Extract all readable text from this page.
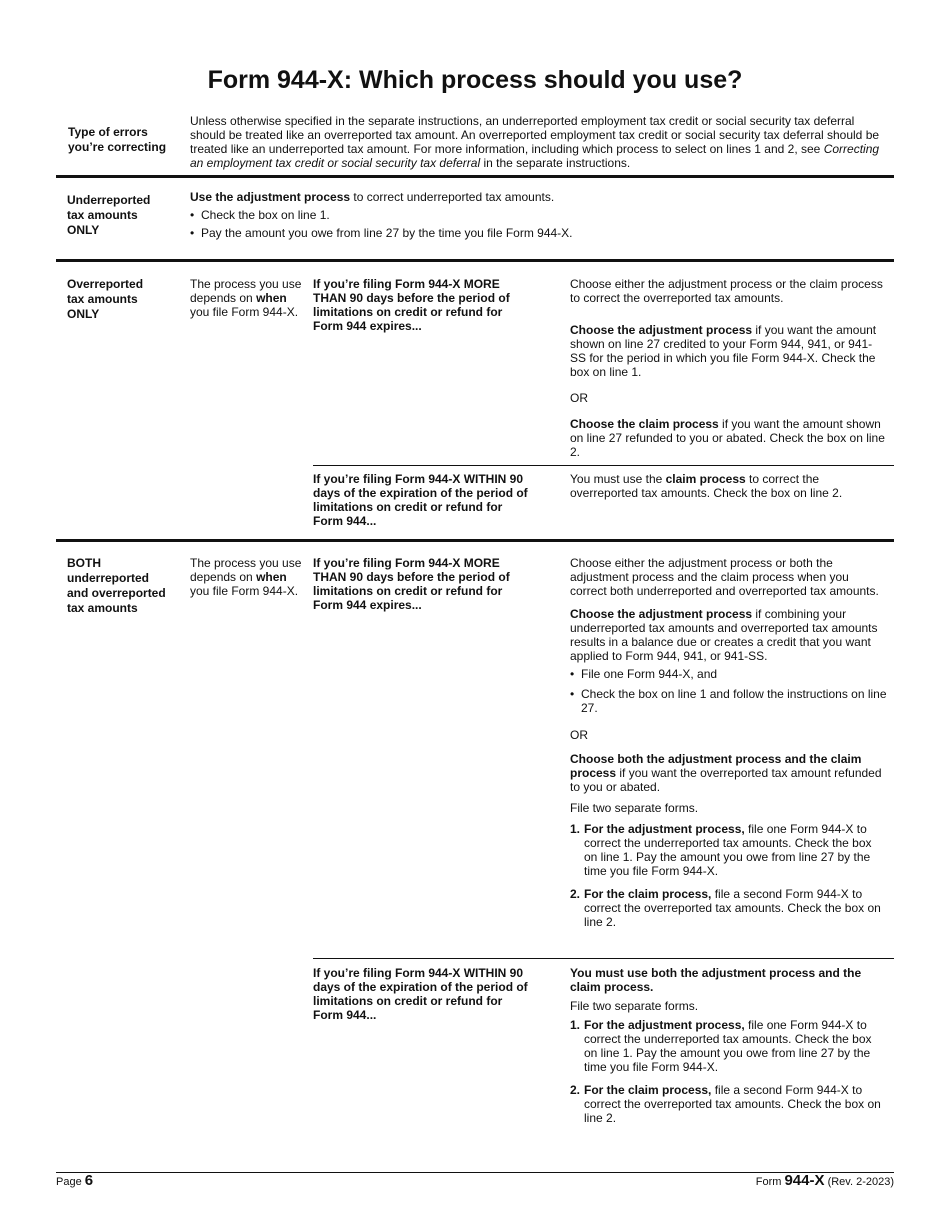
Form 944-X: Which process should you use?
Type of errors
you’re correcting
Unless otherwise specified in the separate instructions, an underreported employment tax credit or social security tax deferral should be treated like an overreported tax amount. An overreported employment tax credit or social security tax deferral should be treated like an underreported tax amount. For more information, including which process to select on lines 1 and 2, see Correcting an employment tax credit or social security tax deferral in the separate instructions.
Underreported
tax amounts
ONLY

Use the adjustment process to correct underreported tax amounts.

• Check the box on line 1.

• Pay the amount you owe from line 27 by the time you file Form 944-X.

Overreported
tax amounts
ONLY
The process you use depends on when you file Form 944-X.
If you’re filing Form 944-X MORE THAN 90 days before the period of limitations on credit or refund for Form 944 expires...

Choose either the adjustment process or the claim process to correct the overreported tax amounts.

Choose the adjustment process if you want the amount shown on line 27 credited to your Form 944, 941, or 941-SS for the period in which you file Form 944-X. Check the box on line 1.

OR

Choose the claim process if you want the amount shown on line 27 refunded to you or abated. Check the box on line 2.

If you’re filing Form 944-X WITHIN 90 days of the expiration of the period of limitations on credit or refund for Form 944...
You must use the claim process to correct the overreported tax amounts. Check the box on line 2.
BOTH
underreported
and overreported
tax amounts
The process you use depends on when you file Form 944-X.
If you’re filing Form 944-X MORE THAN 90 days before the period of limitations on credit or refund for Form 944 expires...

Choose either the adjustment process or both the adjustment process and the claim process when you correct both underreported and overreported tax amounts.

Choose the adjustment process if combining your underreported tax amounts and overreported tax amounts results in a balance due or creates a credit that you want applied to Form 944, 941, or 941-SS.

• File one Form 944-X, and

• Check the box on line 1 and follow the instructions on line 27.

OR

Choose both the adjustment process and the claim process if you want the overreported tax amount refunded to you or abated.

File two separate forms.

1. For the adjustment process, file one Form 944-X to correct the underreported tax amounts. Check the box on line 1. Pay the amount you owe from line 27 by the time you file Form 944-X.

2. For the claim process, file a second Form 944-X to correct the overreported tax amounts. Check the box on line 2.

If you’re filing Form 944-X WITHIN 90 days of the expiration of the period of limitations on credit or refund for Form 944...

You must use both the adjustment process and the claim process.

File two separate forms.

1. For the adjustment process, file one Form 944-X to correct the underreported tax amounts. Check the box on line 1. Pay the amount you owe from line 27 by the time you file Form 944-X.

2. For the claim process, file a second Form 944-X to correct the overreported tax amounts. Check the box on line 2.

Page 6	Form 944-X (Rev. 2-2023)
